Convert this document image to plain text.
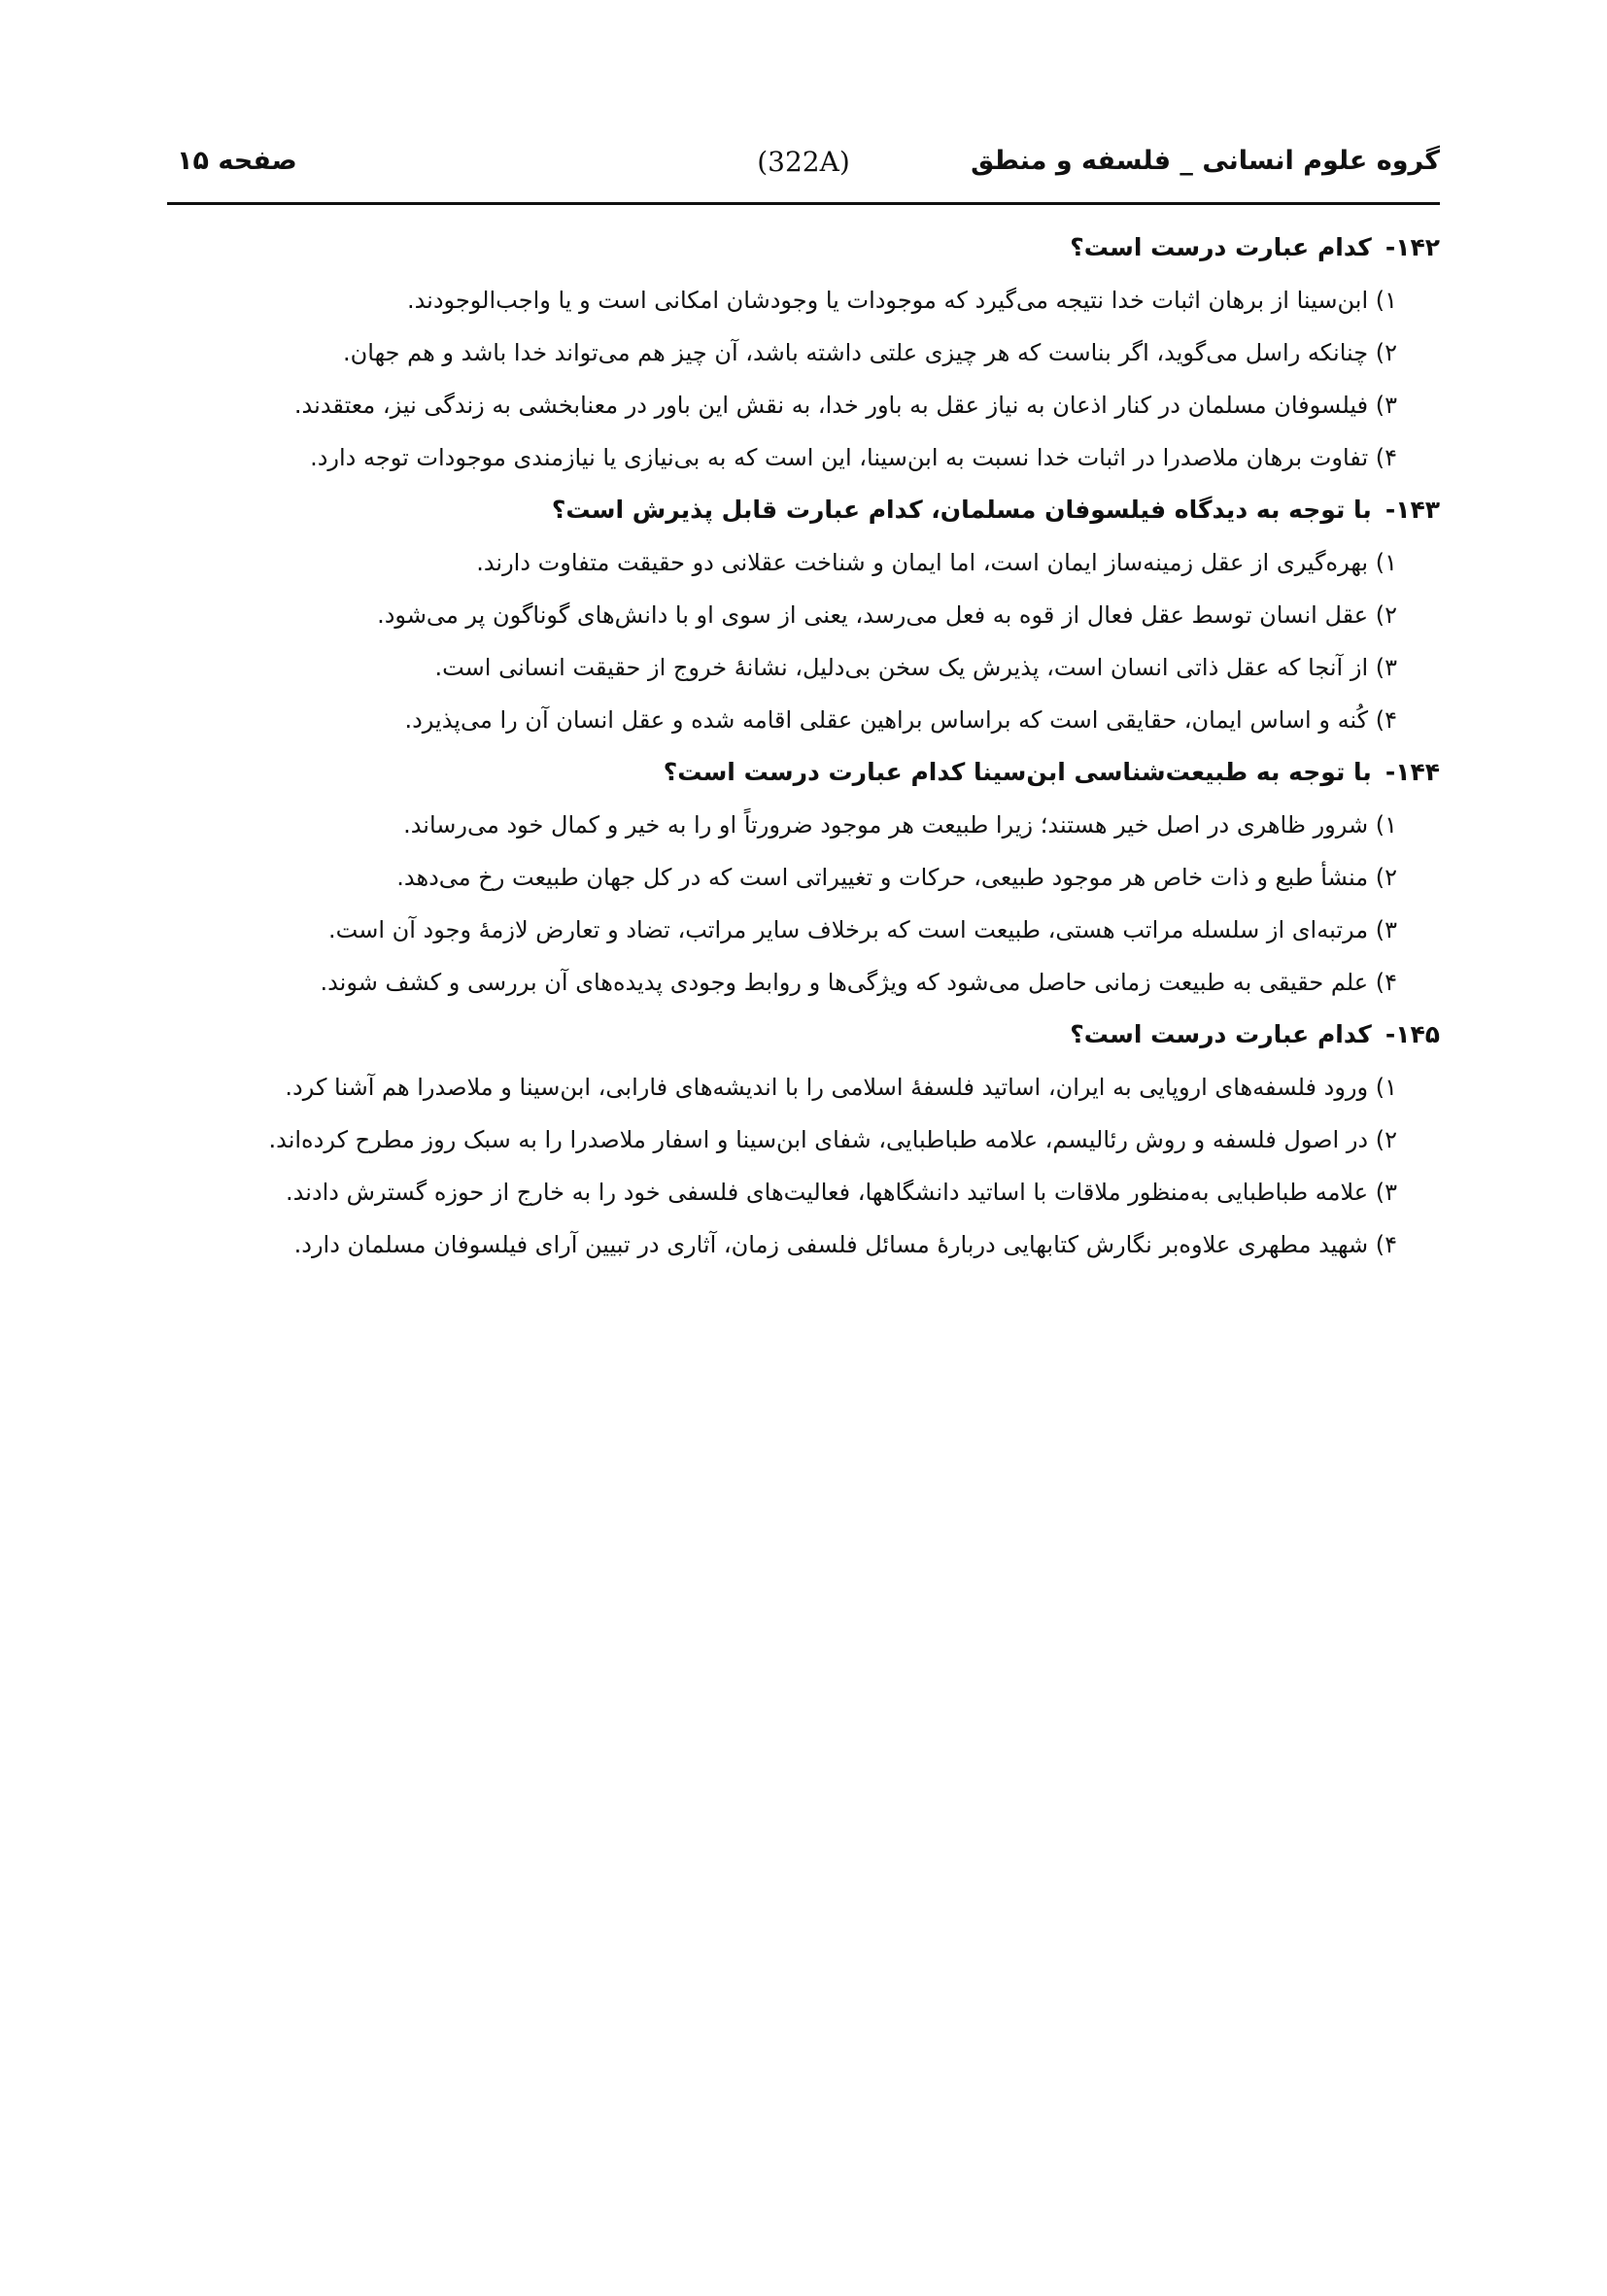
گروه علوم انسانی _ فلسفه و منطق
(322A)
صفحه ۱۵
۱۴۲-کدام عبارت درست است؟
۱) ابن‌سینا از برهان اثبات خدا نتیجه می‌گیرد که موجودات یا وجودشان امکانی است و یا واجب‌الوجودند.
۲) چنانکه راسل می‌گوید، اگر بناست که هر چیزی علتی داشته باشد، آن چیز هم می‌تواند خدا باشد و هم جهان.
۳) فیلسوفان مسلمان در کنار اذعان به نیاز عقل به باور خدا، به نقش این باور در معنابخشی به زندگی نیز، معتقدند.
۴) تفاوت برهان ملاصدرا در اثبات خدا نسبت به ابن‌سینا، این است که به بی‌نیازی یا نیازمندی موجودات توجه دارد.
۱۴۳-با توجه به دیدگاه فیلسوفان مسلمان، کدام عبارت قابل پذیرش است؟
۱) بهره‌گیری از عقل زمینه‌ساز ایمان است، اما ایمان و شناخت عقلانی دو حقیقت متفاوت دارند.
۲) عقل انسان توسط عقل فعال از قوه به فعل می‌رسد، یعنی از سوی او با دانش‌های گوناگون پر می‌شود.
۳) از آنجا که عقل ذاتی انسان است، پذیرش یک سخن بی‌دلیل، نشانهٔ خروج از حقیقت انسانی است.
۴) کُنه و اساس ایمان، حقایقی است که براساس براهین عقلی اقامه شده و عقل انسان آن را می‌پذیرد.
۱۴۴-با توجه به طبیعت‌شناسی ابن‌سینا کدام عبارت درست است؟
۱) شرور ظاهری در اصل خیر هستند؛ زیرا طبیعت هر موجود ضرورتاً او را به خیر و کمال خود می‌رساند.
۲) منشأ طبع و ذات خاص هر موجود طبیعی، حرکات و تغییراتی است که در کل جهان طبیعت رخ می‌دهد.
۳) مرتبه‌ای از سلسله مراتب هستی، طبیعت است که برخلاف سایر مراتب، تضاد و تعارض لازمهٔ وجود آن است.
۴) علم حقیقی به طبیعت زمانی حاصل می‌شود که ویژگی‌ها و روابط وجودی پدیده‌های آن بررسی و کشف شوند.
۱۴۵-کدام عبارت درست است؟
۱) ورود فلسفه‌های اروپایی به ایران، اساتید فلسفهٔ اسلامی را با اندیشه‌های فارابی، ابن‌سینا و ملاصدرا هم آشنا کرد.
۲) در اصول فلسفه و روش رئالیسم، علامه طباطبایی، شفای ابن‌سینا و اسفار ملاصدرا را به سبک روز مطرح کرده‌اند.
۳) علامه طباطبایی به‌منظور ملاقات با اساتید دانشگاهها، فعالیت‌های فلسفی خود را به خارج از حوزه گسترش دادند.
۴) شهید مطهری علاوه‌بر نگارش کتابهایی دربارهٔ مسائل فلسفی زمان، آثاری در تبیین آرای فیلسوفان مسلمان دارد.
